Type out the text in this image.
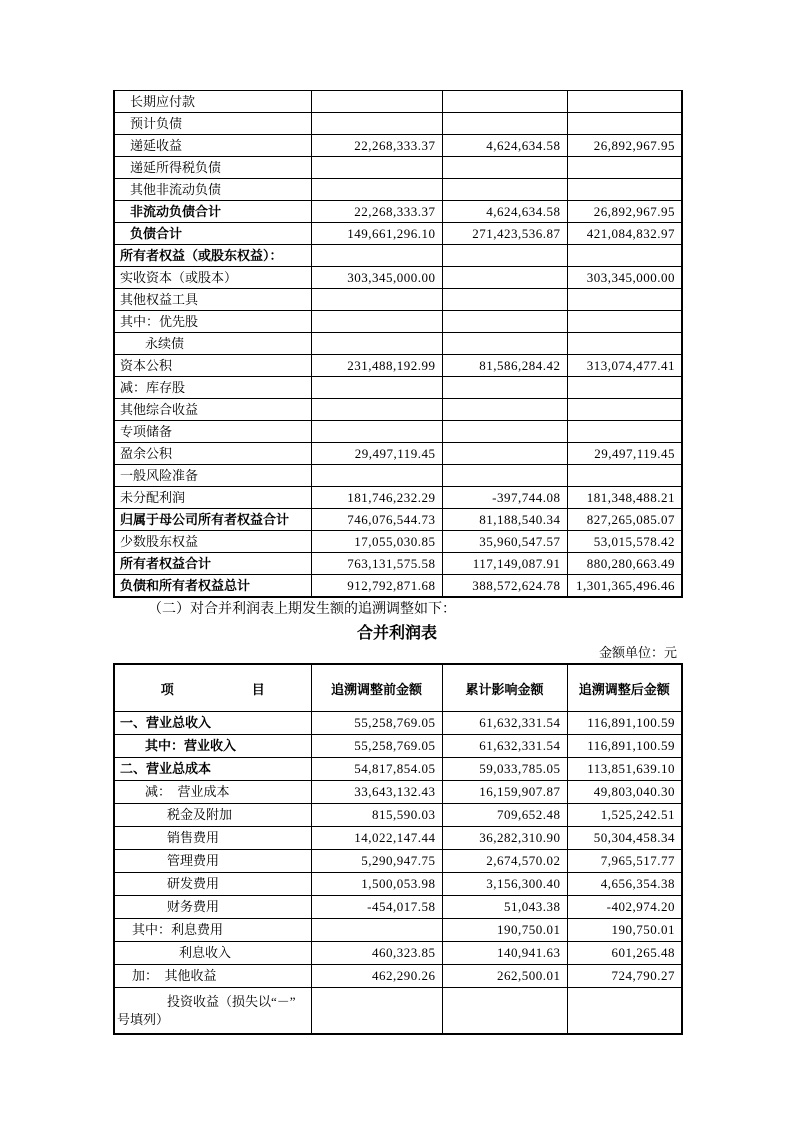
长期应付款			

预计负债			

递延收益	22,268,333.37	4,624,634.58	26,892,967.95

递延所得税负债			

其他非流动负债			

非流动负债合计	22,268,333.37	4,624,634.58	26,892,967.95

负债合计	149,661,296.10	271,423,536.87	421,084,832.97

所有者权益（或股东权益）：			

实收资本（或股本）	303,345,000.00		303,345,000.00

其他权益工具			

其中：优先股			

永续债			

资本公积	231,488,192.99	81,586,284.42	313,074,477.41

减：库存股			

其他综合收益			

专项储备			

盈余公积	29,497,119.45		29,497,119.45

一般风险准备			

未分配利润	181,746,232.29	-397,744.08	181,348,488.21

归属于母公司所有者权益合计	746,076,544.73	81,188,540.34	827,265,085.07

少数股东权益	17,055,030.85	35,960,547.57	53,015,578.42

所有者权益合计	763,131,575.58	117,149,087.91	880,280,663.49

负债和所有者权益总计	912,792,871.68	388,572,624.78	1,301,365,496.46
（二）对合并利润表上期发生额的追溯调整如下：
合并利润表
金额单位：元
项　　　　　　目	追溯调整前金额	累计影响金额	追溯调整后金额

一、营业总收入	55,258,769.05	61,632,331.54	116,891,100.59

其中：营业收入	55,258,769.05	61,632,331.54	116,891,100.59

二、营业总成本	54,817,854.05	59,033,785.05	113,851,639.10

减： 营业成本	33,643,132.43	16,159,907.87	49,803,040.30

税金及附加	815,590.03	709,652.48	1,525,242.51

销售费用	14,022,147.44	36,282,310.90	50,304,458.34

管理费用	5,290,947.75	2,674,570.02	7,965,517.77

研发费用	1,500,053.98	3,156,300.40	4,656,354.38

财务费用	-454,017.58	51,043.38	-402,974.20

其中：利息费用		190,750.01	190,750.01

利息收入	460,323.85	140,941.63	601,265.48

加：　其他收益	462,290.26	262,500.01	724,790.27

投资收益（损失以“－”
号填列）			
